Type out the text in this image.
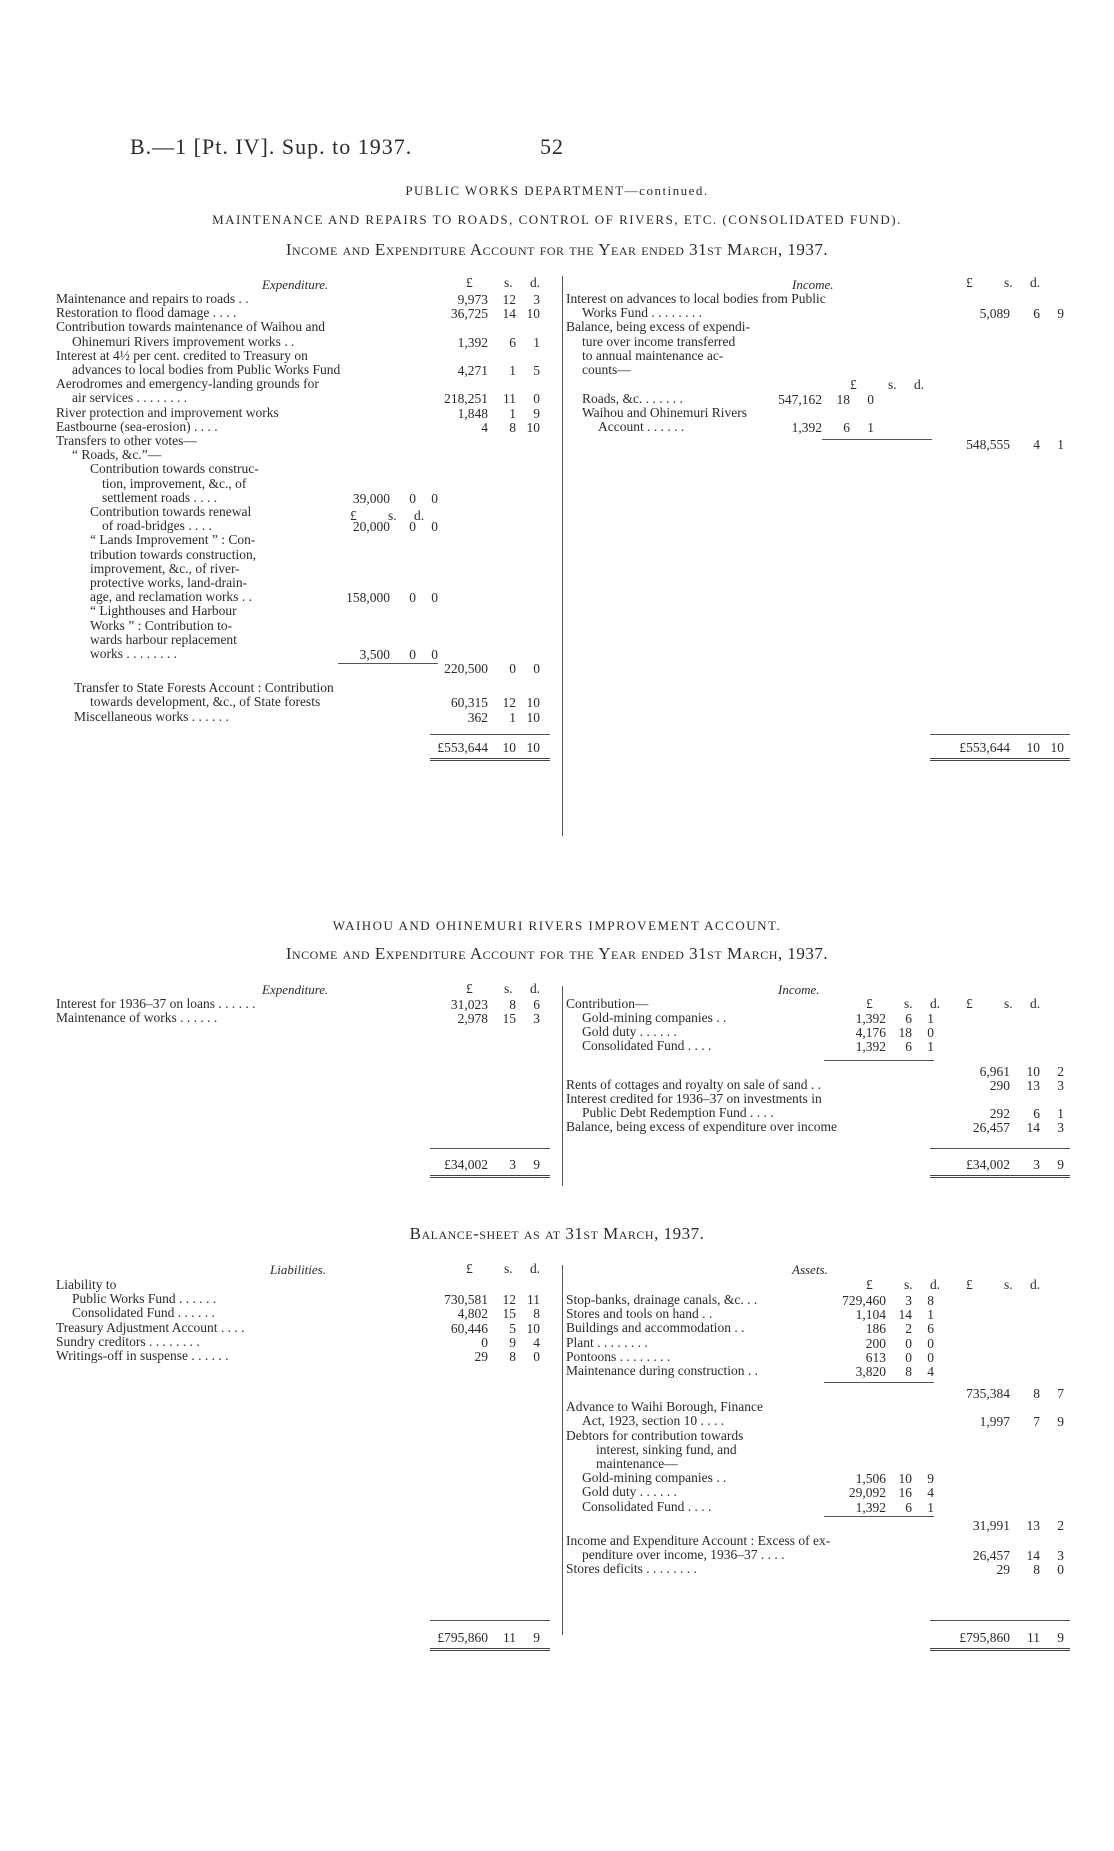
B.—1 [Pt. IV]. Sup. to 1937.	52
PUBLIC WORKS DEPARTMENT—continued.
MAINTENANCE AND REPAIRS TO ROADS, CONTROL OF RIVERS, ETC. (CONSOLIDATED FUND).
Income and Expenditure Account for the Year ended 31st March, 1937.
Expenditure.	£ s. d.	Income.	£ s. d.
Maintenance and repairs to roads . .	9,973	12	3
Restoration to flood damage . . . .	36,725	14 10
Contribution towards maintenance of Waihou and
Ohinemuri Rivers improvement works . .	1,392	6	1
Interest at 4½ per cent. credited to Treasury on
advances to local bodies from Public Works Fund	4,271	1	5
Aerodromes and emergency-landing grounds for
air services . . . . . . . .	218,251	11	0
River protection and improvement works	1,848	1	9
Eastbourne (sea-erosion) . . . .	4	8 10
Transfers to other votes—
“ Roads, &c.”—
£ s. d.
Contribution towards construc-
tion, improvement, &c., of
settlement roads . . . .	39,000	0	0
Contribution towards renewal
of road-bridges . . . .	20,000	0	0
“ Lands Improvement ” : Con-
tribution towards construction,
improvement, &c., of river-
protective works, land-drain-
age, and reclamation works . .	158,000	0	0
“ Lighthouses and Harbour
Works ” : Contribution to-
wards harbour replacement
works . . . . . . . .	3,500	0	0
220,500	0	0
Transfer to State Forests Account : Contribution
towards development, &c., of State forests	60,315	12 10
Miscellaneous works . . . . . .	362	1 10
£553,644	10 10
Interest on advances to local bodies from Public
Works Fund . . . . . . . .	5,089	6	9
Balance, being excess of expendi-
ture over income transferred
to annual maintenance ac-
counts—
£ s. d.
Roads, &c. . . . . . .	547,162	18	0
Waihou and Ohinemuri Rivers
Account . . . . . .	1,392	6	1
548,555	4	1
£553,644	10 10
WAIHOU AND OHINEMURI RIVERS IMPROVEMENT ACCOUNT.
Income and Expenditure Account for the Year ended 31st March, 1937.
Expenditure.	£ s. d.	Income.
Interest for 1936–37 on loans . . . . . .	31,023	8	6
Maintenance of works . . . . . .	2,978	15	3
£34,002	3	9
Contribution—	£ s. d. £ s. d.
Gold-mining companies . .	1,392	6	1
Gold duty . . . . . .	4,176 18	0
Consolidated Fund . . . .	1,392	6	1
6,961	10	2
Rents of cottages and royalty on sale of sand . .	290	13	3
Interest credited for 1936–37 on investments in
Public Debt Redemption Fund . . . .	292	6	1
Balance, being excess of expenditure over income	26,457	14	3
£34,002	3	9
Balance-sheet as at 31st March, 1937.
Liabilities.	£ s. d.	Assets.
Liability to
Public Works Fund . . . . . .	730,581	12 11
Consolidated Fund . . . . . .	4,802	15	8
Treasury Adjustment Account . . . .	60,446	5 10
Sundry creditors . . . . . . . .	0	9	4
Writings-off in suspense . . . . . .	29	8	0
£795,860	11	9
£ s. d. £ s. d.
Stop-banks, drainage canals, &c. . .	729,460	3	8
Stores and tools on hand . .	1,104 14	1
Buildings and accommodation . .	186	2	6
Plant . . . . . . . .	200	0	0
Pontoons . . . . . . . .	613	0	0
Maintenance during construction . .	3,820	8	4
735,384	8	7
Advance to Waihi Borough, Finance
Act, 1923, section 10 . . . .	1,997	7	9
Debtors for contribution towards
interest, sinking fund, and
maintenance—
Gold-mining companies . .	1,506 10	9
Gold duty . . . . . .	29,092 16	4
Consolidated Fund . . . .	1,392	6	1
31,991	13	2
Income and Expenditure Account : Excess of ex-
penditure over income, 1936–37 . . . .	26,457	14	3
Stores deficits . . . . . . . .	29	8	0
£795,860	11	9
